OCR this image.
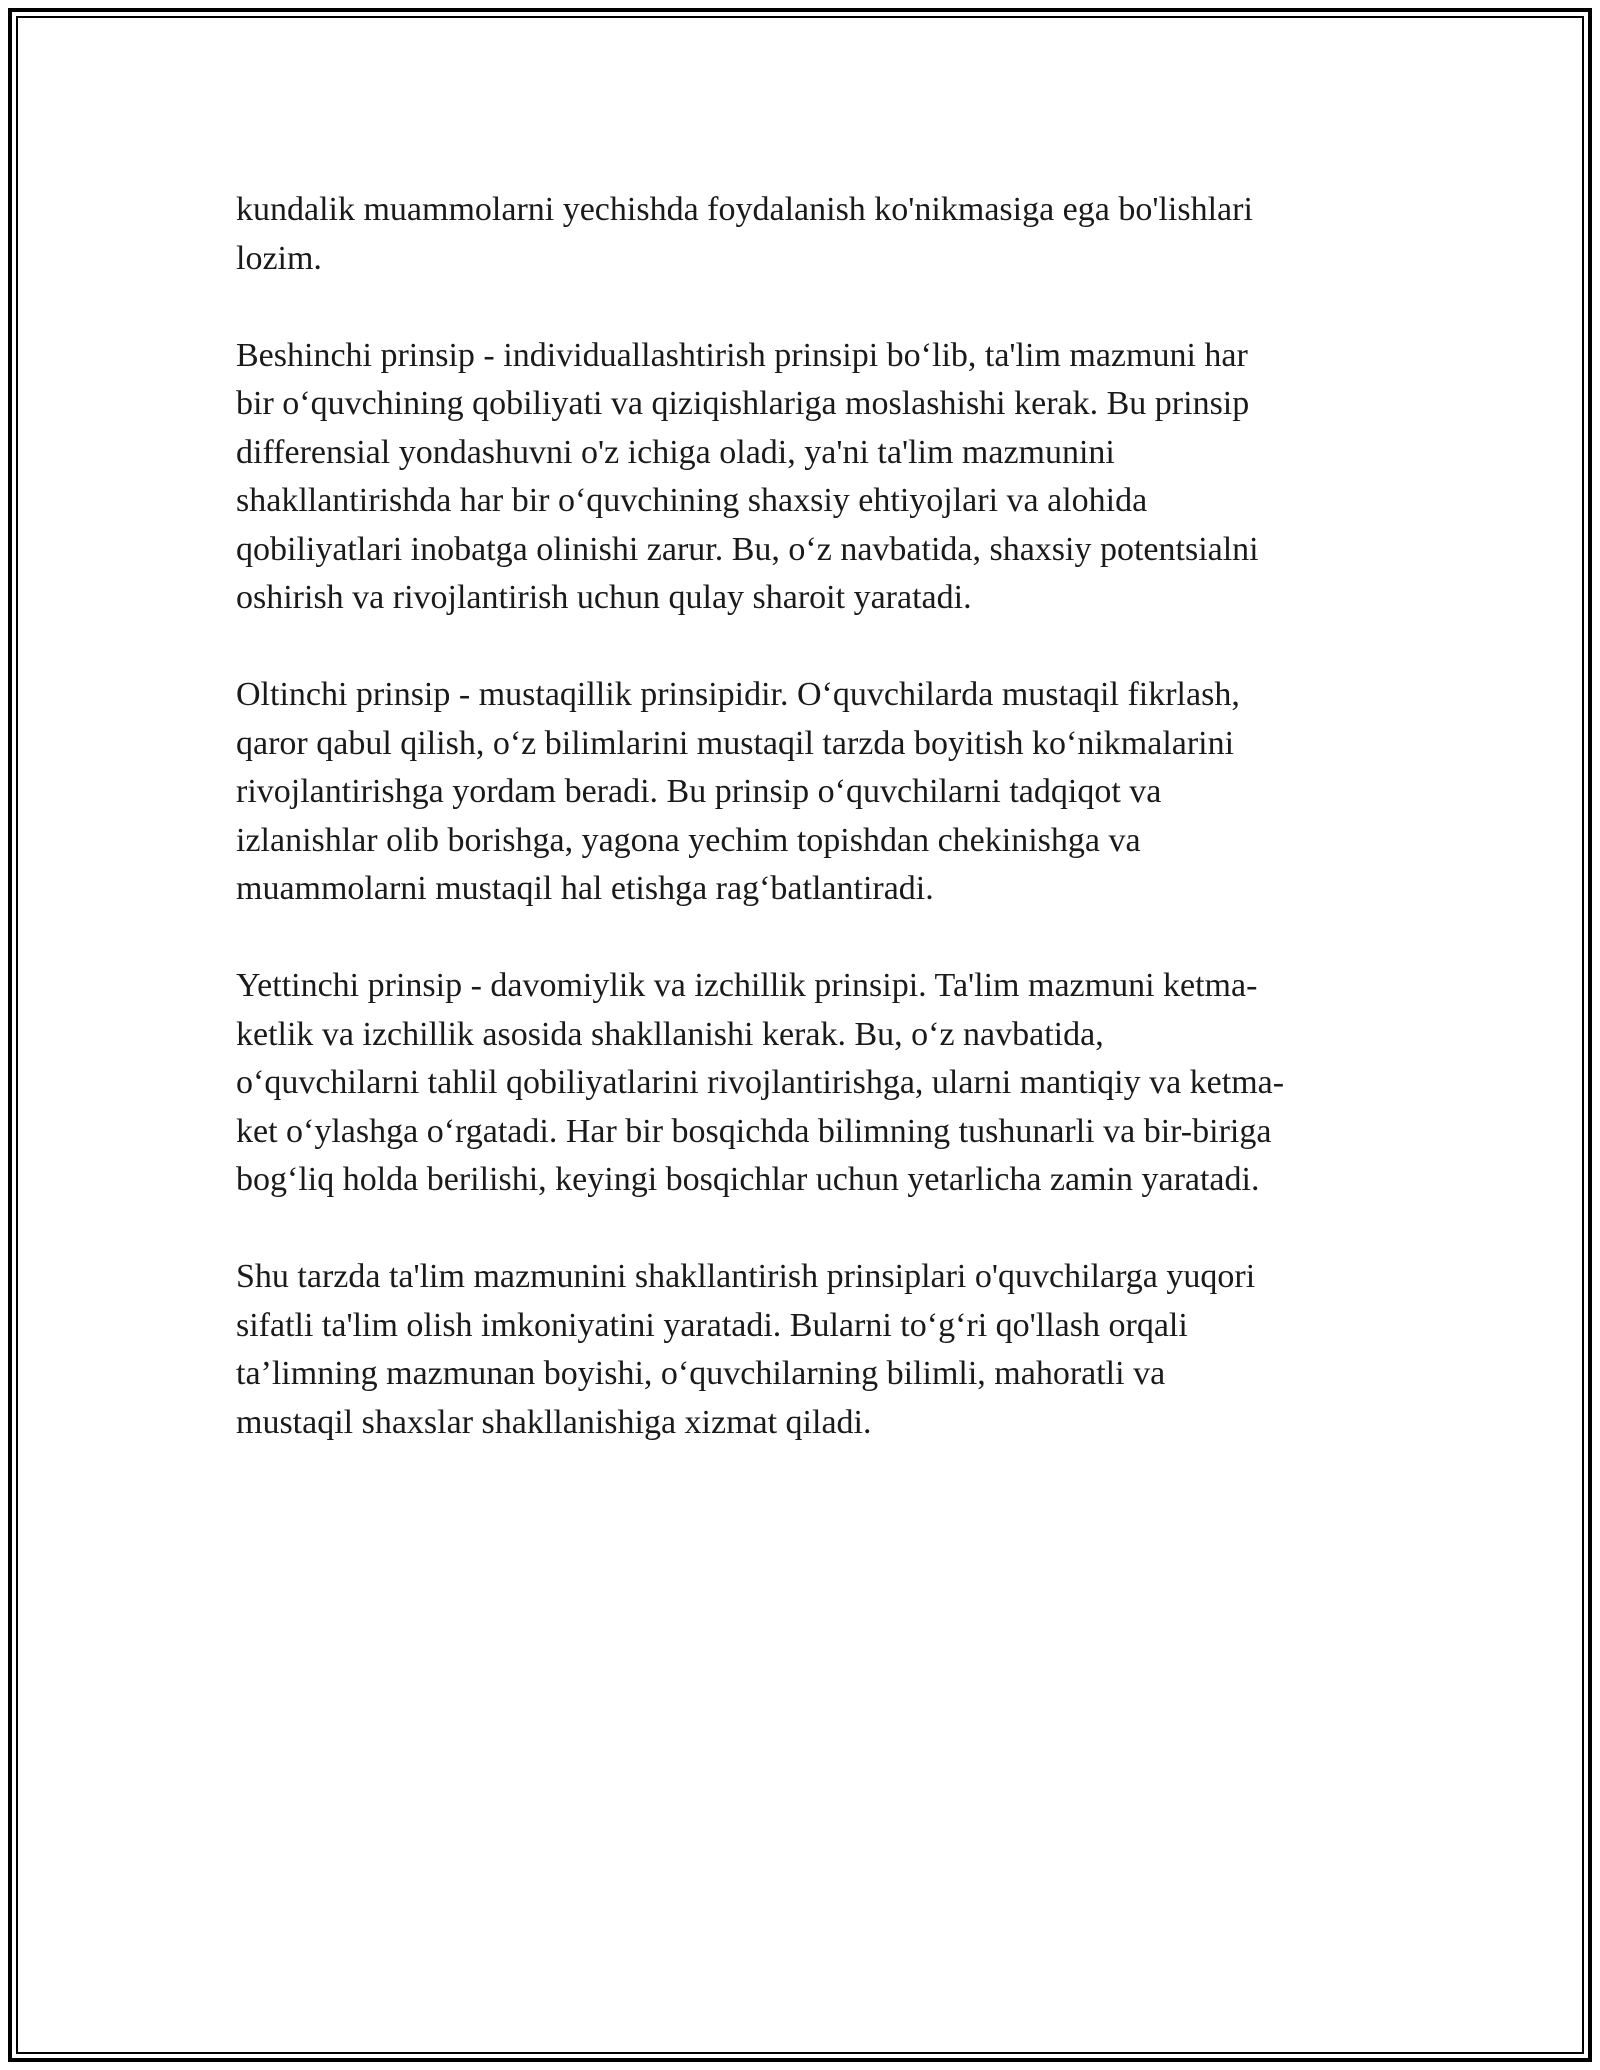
kundalik muammolarni yechishda foydalanish ko'nikmasiga ega bo'lishlari
lozim.

Beshinchi prinsip - individuallashtirish prinsipi boʻlib, ta'lim mazmuni har
bir oʻquvchining qobiliyati va qiziqishlariga moslashishi kerak. Bu prinsip
differensial yondashuvni o'z ichiga oladi, ya'ni ta'lim mazmunini
shakllantirishda har bir oʻquvchining shaxsiy ehtiyojlari va alohida
qobiliyatlari inobatga olinishi zarur. Bu, oʻz navbatida, shaxsiy potentsialni
oshirish va rivojlantirish uchun qulay sharoit yaratadi.

Oltinchi prinsip - mustaqillik prinsipidir. Oʻquvchilarda mustaqil fikrlash,
qaror qabul qilish, oʻz bilimlarini mustaqil tarzda boyitish koʻnikmalarini
rivojlantirishga yordam beradi. Bu prinsip oʻquvchilarni tadqiqot va
izlanishlar olib borishga, yagona yechim topishdan chekinishga va
muammolarni mustaqil hal etishga ragʻbatlantiradi.

Yettinchi prinsip - davomiylik va izchillik prinsipi. Ta'lim mazmuni ketma-
ketlik va izchillik asosida shakllanishi kerak. Bu, oʻz navbatida,
oʻquvchilarni tahlil qobiliyatlarini rivojlantirishga, ularni mantiqiy va ketma-
ket oʻylashga oʻrgatadi. Har bir bosqichda bilimning tushunarli va bir-biriga
bogʻliq holda berilishi, keyingi bosqichlar uchun yetarlicha zamin yaratadi.

Shu tarzda ta'lim mazmunini shakllantirish prinsiplari o'quvchilarga yuqori
sifatli ta'lim olish imkoniyatini yaratadi. Bularni toʻgʻri qo'llash orqali
ta’limning mazmunan boyishi, oʻquvchilarning bilimli, mahoratli va
mustaqil shaxslar shakllanishiga xizmat qiladi.
